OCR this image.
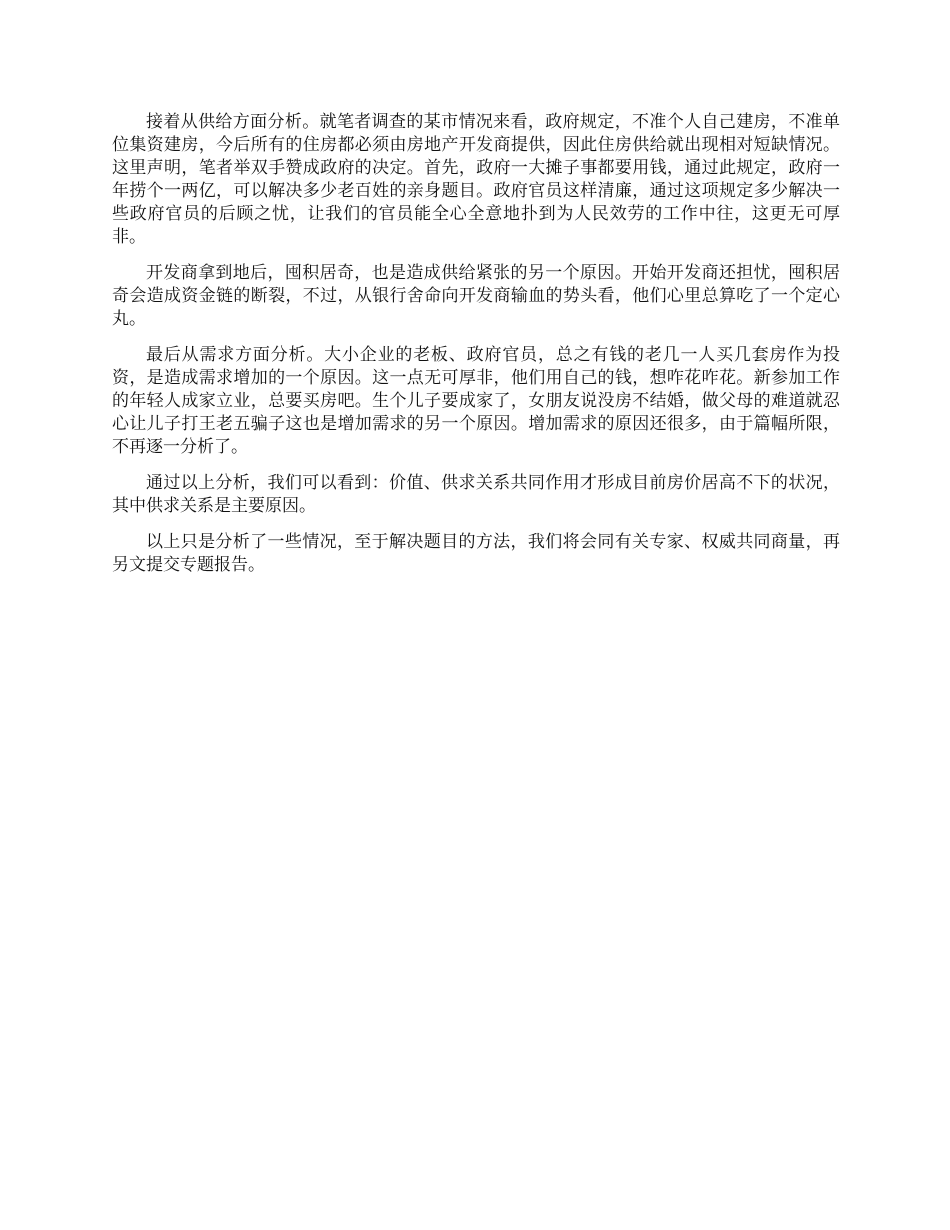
接着从供给方面分析。就笔者调查的某市情况来看，政府规定，不准个人自己建房，不准单位集资建房，今后所有的住房都必须由房地产开发商提供，因此住房供给就出现相对短缺情况。这里声明，笔者举双手赞成政府的决定。首先，政府一大摊子事都要用钱，通过此规定，政府一年捞个一两亿，可以解决多少老百姓的亲身题目。政府官员这样清廉，通过这项规定多少解决一些政府官员的后顾之忧，让我们的官员能全心全意地扑到为人民效劳的工作中往，这更无可厚非。

开发商拿到地后，囤积居奇，也是造成供给紧张的另一个原因。开始开发商还担忧，囤积居奇会造成资金链的断裂，不过，从银行舍命向开发商输血的势头看，他们心里总算吃了一个定心丸。

最后从需求方面分析。大小企业的老板、政府官员，总之有钱的老几一人买几套房作为投资，是造成需求增加的一个原因。这一点无可厚非，他们用自己的钱，想咋花咋花。新参加工作的年轻人成家立业，总要买房吧。生个儿子要成家了，女朋友说没房不结婚，做父母的难道就忍心让儿子打王老五骗子这也是增加需求的另一个原因。增加需求的原因还很多，由于篇幅所限，不再逐一分析了。

通过以上分析，我们可以看到：价值、供求关系共同作用才形成目前房价居高不下的状况，其中供求关系是主要原因。

以上只是分析了一些情况，至于解决题目的方法，我们将会同有关专家、权威共同商量，再另文提交专题报告。
